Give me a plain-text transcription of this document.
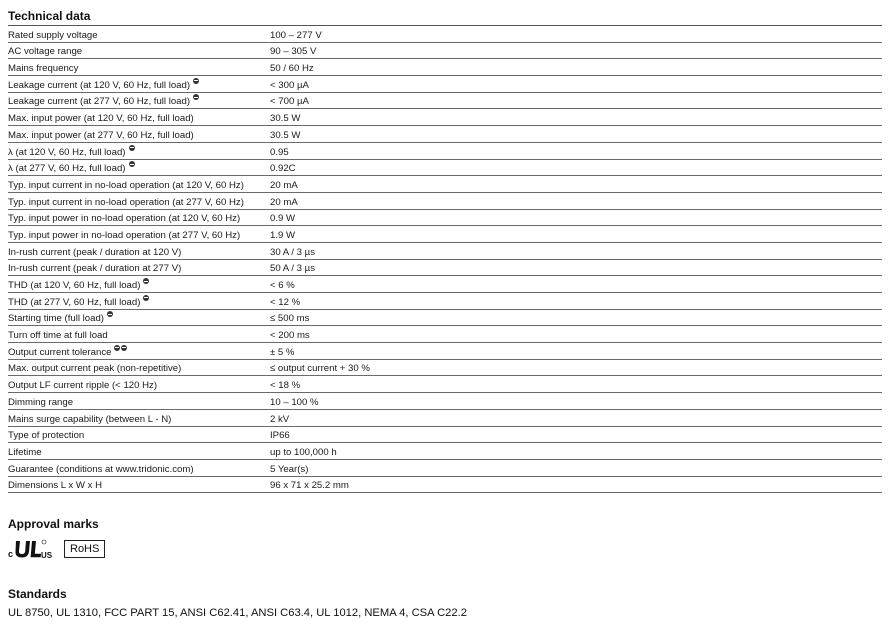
Technical data
Rated supply voltage	100 – 277 V
AC voltage range	90 – 305 V
Mains frequency	50 / 60 Hz
Leakage current (at 120 V, 60 Hz, full load)	< 300 µA
Leakage current (at 277 V, 60 Hz, full load)	< 700 µA
Max. input power (at 120 V, 60 Hz, full load)	30.5 W
Max. input power (at 277 V, 60 Hz, full load)	30.5 W
λ (at 120 V, 60 Hz, full load)	0.95
λ (at 277 V, 60 Hz, full load)	0.92C
Typ. input current in no-load operation (at 120 V, 60 Hz)	20 mA
Typ. input current in no-load operation (at 277 V, 60 Hz)	20 mA
Typ. input power in no-load operation (at 120 V, 60 Hz)	0.9 W
Typ. input power in no-load operation (at 277 V, 60 Hz)	1.9 W
In-rush current (peak / duration at 120 V)	30 A / 3 µs
In-rush current (peak / duration at 277 V)	50 A / 3 µs
THD (at 120 V, 60 Hz, full load)	< 6 %
THD (at 277 V, 60 Hz, full load)	< 12 %
Starting time (full load)	≤ 500 ms
Turn off time at full load	< 200 ms
Output current tolerance	± 5 %
Max. output current peak (non-repetitive)	≤ output current + 30 %
Output LF current ripple (< 120 Hz)	< 18 %
Dimming range	10 – 100 %
Mains surge capability (between L - N)	2 kV
Type of protection	IP66
Lifetime	up to 100,000 h
Guarantee (conditions at www.tridonic.com)	5 Year(s)
Dimensions L x W x H	96 x 71 x 25.2 mm
Approval marks
c	US
RoHS
Standards
UL 8750, UL 1310, FCC PART 15, ANSI C62.41, ANSI C63.4, UL 1012, NEMA 4, CSA C22.2
